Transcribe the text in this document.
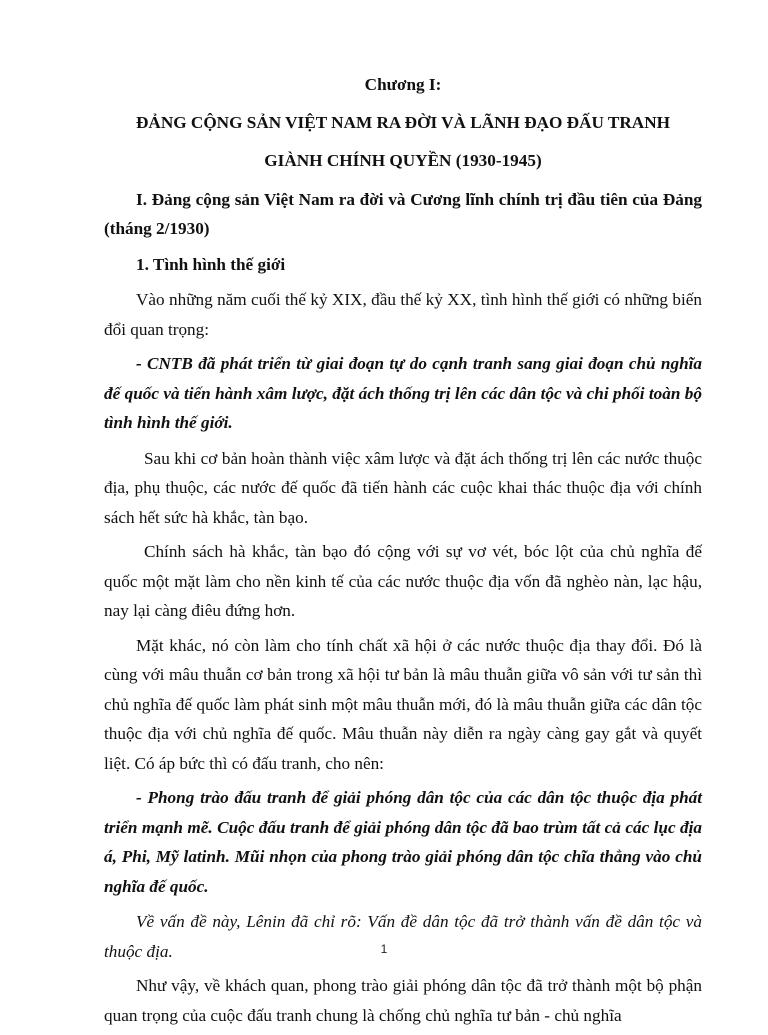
Chương I:

ĐẢNG CỘNG SẢN VIỆT NAM RA ĐỜI VÀ LÃNH ĐẠO ĐẤU TRANH

GIÀNH CHÍNH QUYỀN (1930-1945)

I. Đảng cộng sản Việt Nam ra đời và Cương lĩnh chính trị đầu tiên của Đảng (tháng 2/1930)

1. Tình hình thế giới

Vào những năm cuối thế kỷ XIX, đầu thế kỷ XX, tình hình thế giới có những biến đổi quan trọng:

- CNTB đã phát triển từ giai đoạn tự do cạnh tranh sang giai đoạn chủ nghĩa đế quốc và tiến hành xâm lược, đặt ách thống trị lên các dân tộc và chi phối toàn bộ tình hình thế giới.

Sau khi cơ bản hoàn thành việc xâm lược và đặt ách thống trị lên các nước thuộc địa, phụ thuộc, các nước đế quốc đã tiến hành các cuộc khai thác thuộc địa với chính sách hết sức hà khắc, tàn bạo.

Chính sách hà khắc, tàn bạo đó cộng với sự vơ vét, bóc lột của chủ nghĩa đế quốc một mặt làm cho nền kinh tế của các nước thuộc địa vốn đã nghèo nàn, lạc hậu, nay lại càng điêu đứng hơn.

Mặt khác, nó còn làm cho tính chất xã hội ở các nước thuộc địa thay đổi. Đó là cùng với mâu thuẫn cơ bản trong xã hội tư bản là mâu thuẫn giữa vô sản với tư sản thì chủ nghĩa đế quốc làm phát sinh một mâu thuẫn mới, đó là mâu thuẫn giữa các dân tộc thuộc địa với chủ nghĩa đế quốc. Mâu thuẫn này diễn ra ngày càng gay gắt và quyết liệt. Có áp bức thì có đấu tranh, cho nên:

- Phong trào đấu tranh để giải phóng dân tộc của các dân tộc thuộc địa phát triển mạnh mẽ. Cuộc đấu tranh để giải phóng dân tộc đã bao trùm tất cả các lục địa á, Phi, Mỹ latinh. Mũi nhọn của phong trào giải phóng dân tộc chĩa thẳng vào chủ nghĩa đế quốc.

Về vấn đề này, Lênin đã chỉ rõ: Vấn đề dân tộc đã trở thành vấn đề dân tộc và thuộc địa.

Như vậy, về khách quan, phong trào giải phóng dân tộc đã trở thành một bộ phận quan trọng của cuộc đấu tranh chung là chống chủ nghĩa tư bản - chủ nghĩa

1
